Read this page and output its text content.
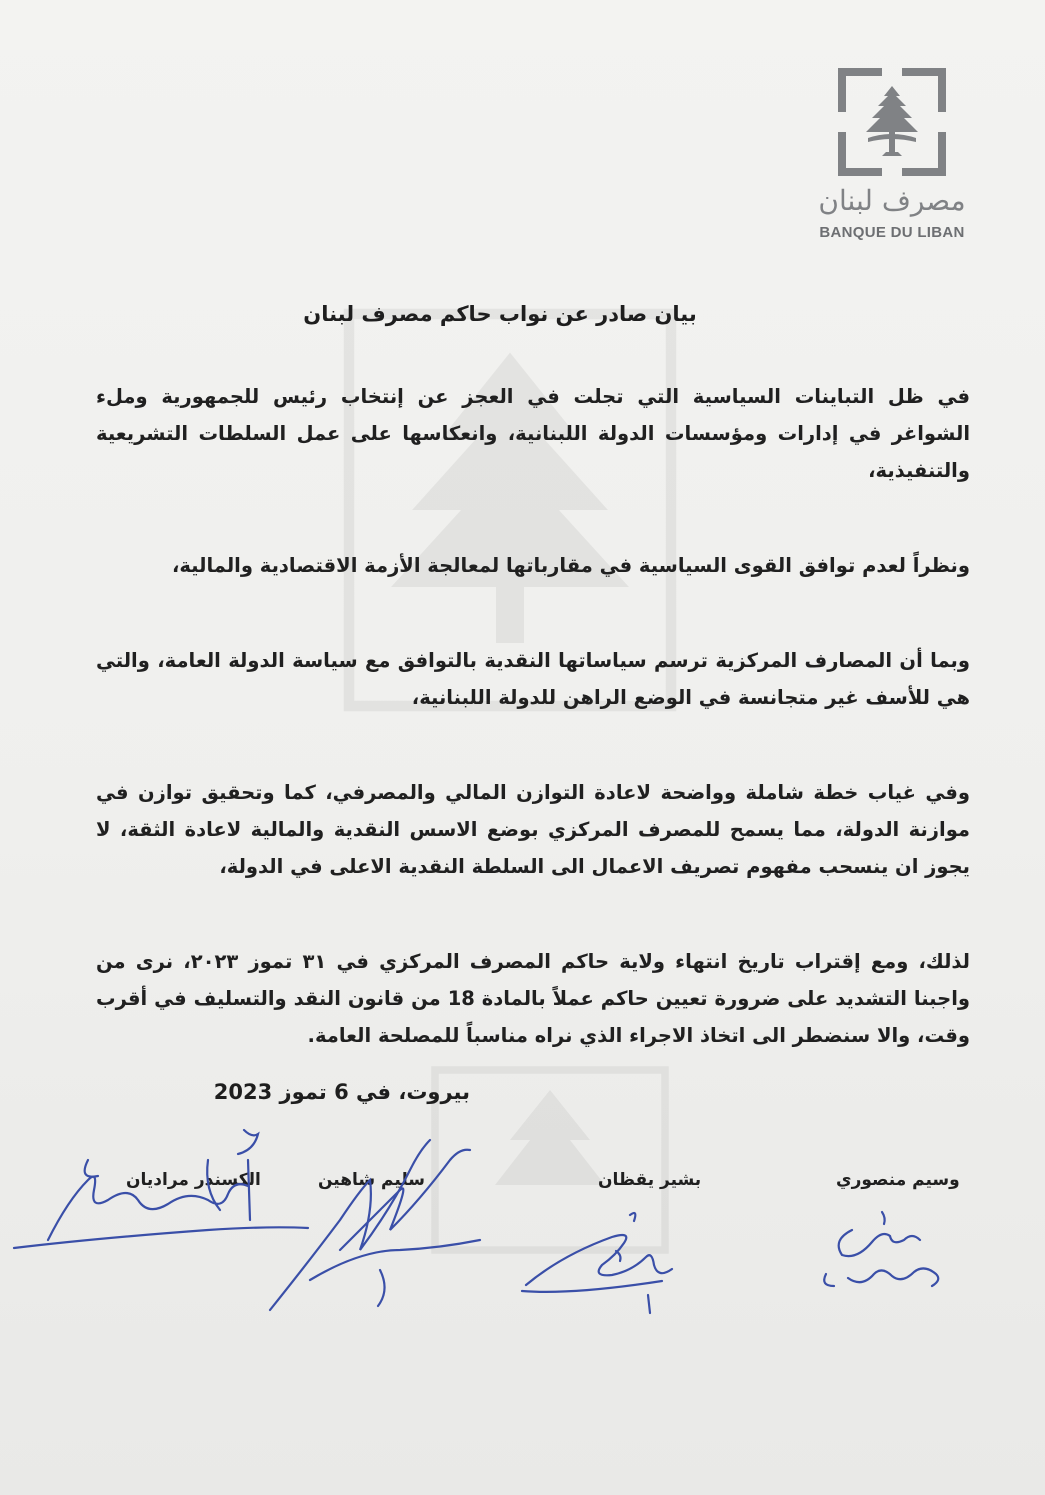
مصرف لبنان
BANQUE DU LIBAN
بيان صادر عن نواب حاكم مصرف لبنان

في ظل التباينات السياسية التي تجلت في العجز عن إنتخاب رئيس للجمهورية وملء الشواغر في إدارات ومؤسسات الدولة اللبنانية، وانعكاسها على عمل السلطات التشريعية والتنفيذية،

ونظراً لعدم توافق القوى السياسية في مقارباتها لمعالجة الأزمة الاقتصادية والمالية،

وبما أن المصارف المركزية ترسم سياساتها النقدية بالتوافق مع سياسة الدولة العامة، والتي هي للأسف غير متجانسة في الوضع الراهن للدولة اللبنانية،

وفي غياب خطة شاملة وواضحة لاعادة التوازن المالي والمصرفي، كما وتحقيق توازن في موازنة الدولة، مما يسمح للمصرف المركزي بوضع الاسس النقدية والمالية لاعادة الثقة، لا يجوز ان ينسحب مفهوم تصريف الاعمال الى السلطة النقدية الاعلى في الدولة،

لذلك، ومع إقتراب تاريخ انتهاء ولاية حاكم المصرف المركزي في ٣١ تموز ٢٠٢٣، نرى من واجبنا التشديد على ضرورة تعيين حاكم عملاً بالمادة 18 من قانون النقد والتسليف في أقرب وقت، والا سنضطر الى اتخاذ الاجراء الذي نراه مناسباً للمصلحة العامة.

بيروت، في 6 تموز 2023
وسيم منصوري
بشير يقظان
سليم شاهين
الكسندر مراديان
